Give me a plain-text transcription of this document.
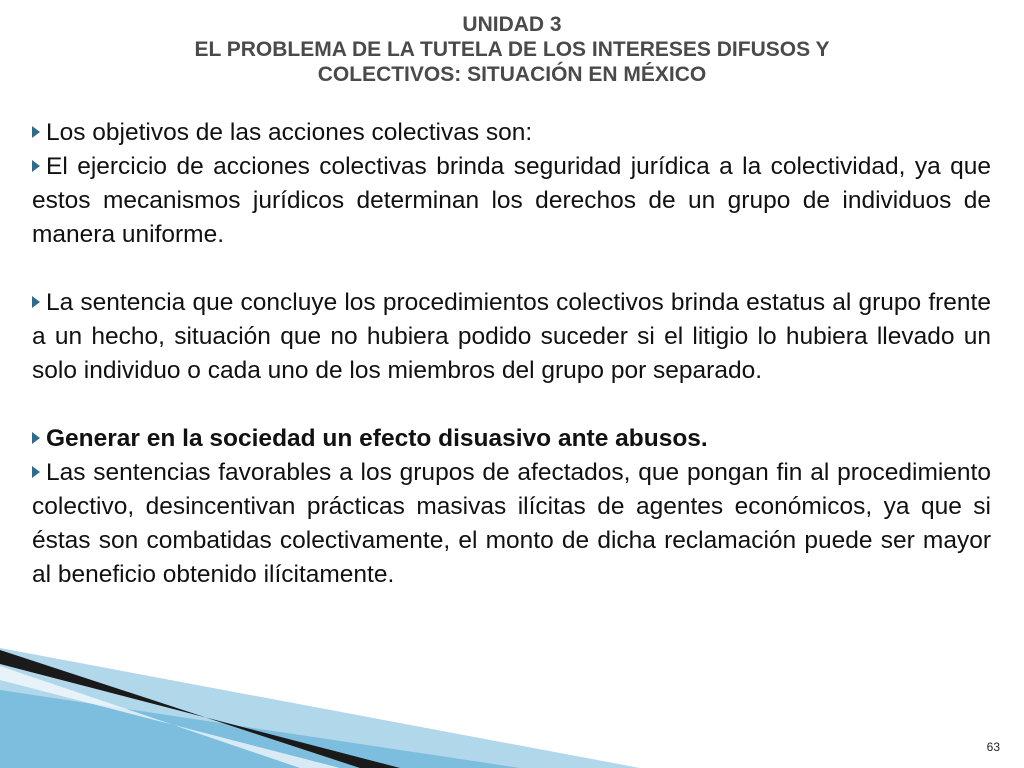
UNIDAD 3
EL PROBLEMA DE LA TUTELA DE LOS INTERESES DIFUSOS Y
COLECTIVOS: SITUACIÓN EN MÉXICO

Los objetivos de las acciones colectivas son:

El ejercicio de acciones colectivas brinda seguridad jurídica a la colectividad, ya que estos mecanismos jurídicos determinan los derechos de un grupo de individuos de manera uniforme.

La sentencia que concluye los procedimientos colectivos brinda estatus al grupo frente a un hecho, situación que no hubiera podido suceder si el litigio lo hubiera llevado un solo individuo o cada uno de los miembros del grupo por separado.

Generar en la sociedad un efecto disuasivo ante abusos.

Las sentencias favorables a los grupos de afectados, que pongan fin al procedimiento colectivo, desincentivan prácticas masivas ilícitas de agentes económicos, ya que si éstas son combatidas colectivamente, el monto de dicha reclamación puede ser mayor al beneficio obtenido ilícitamente.

63
